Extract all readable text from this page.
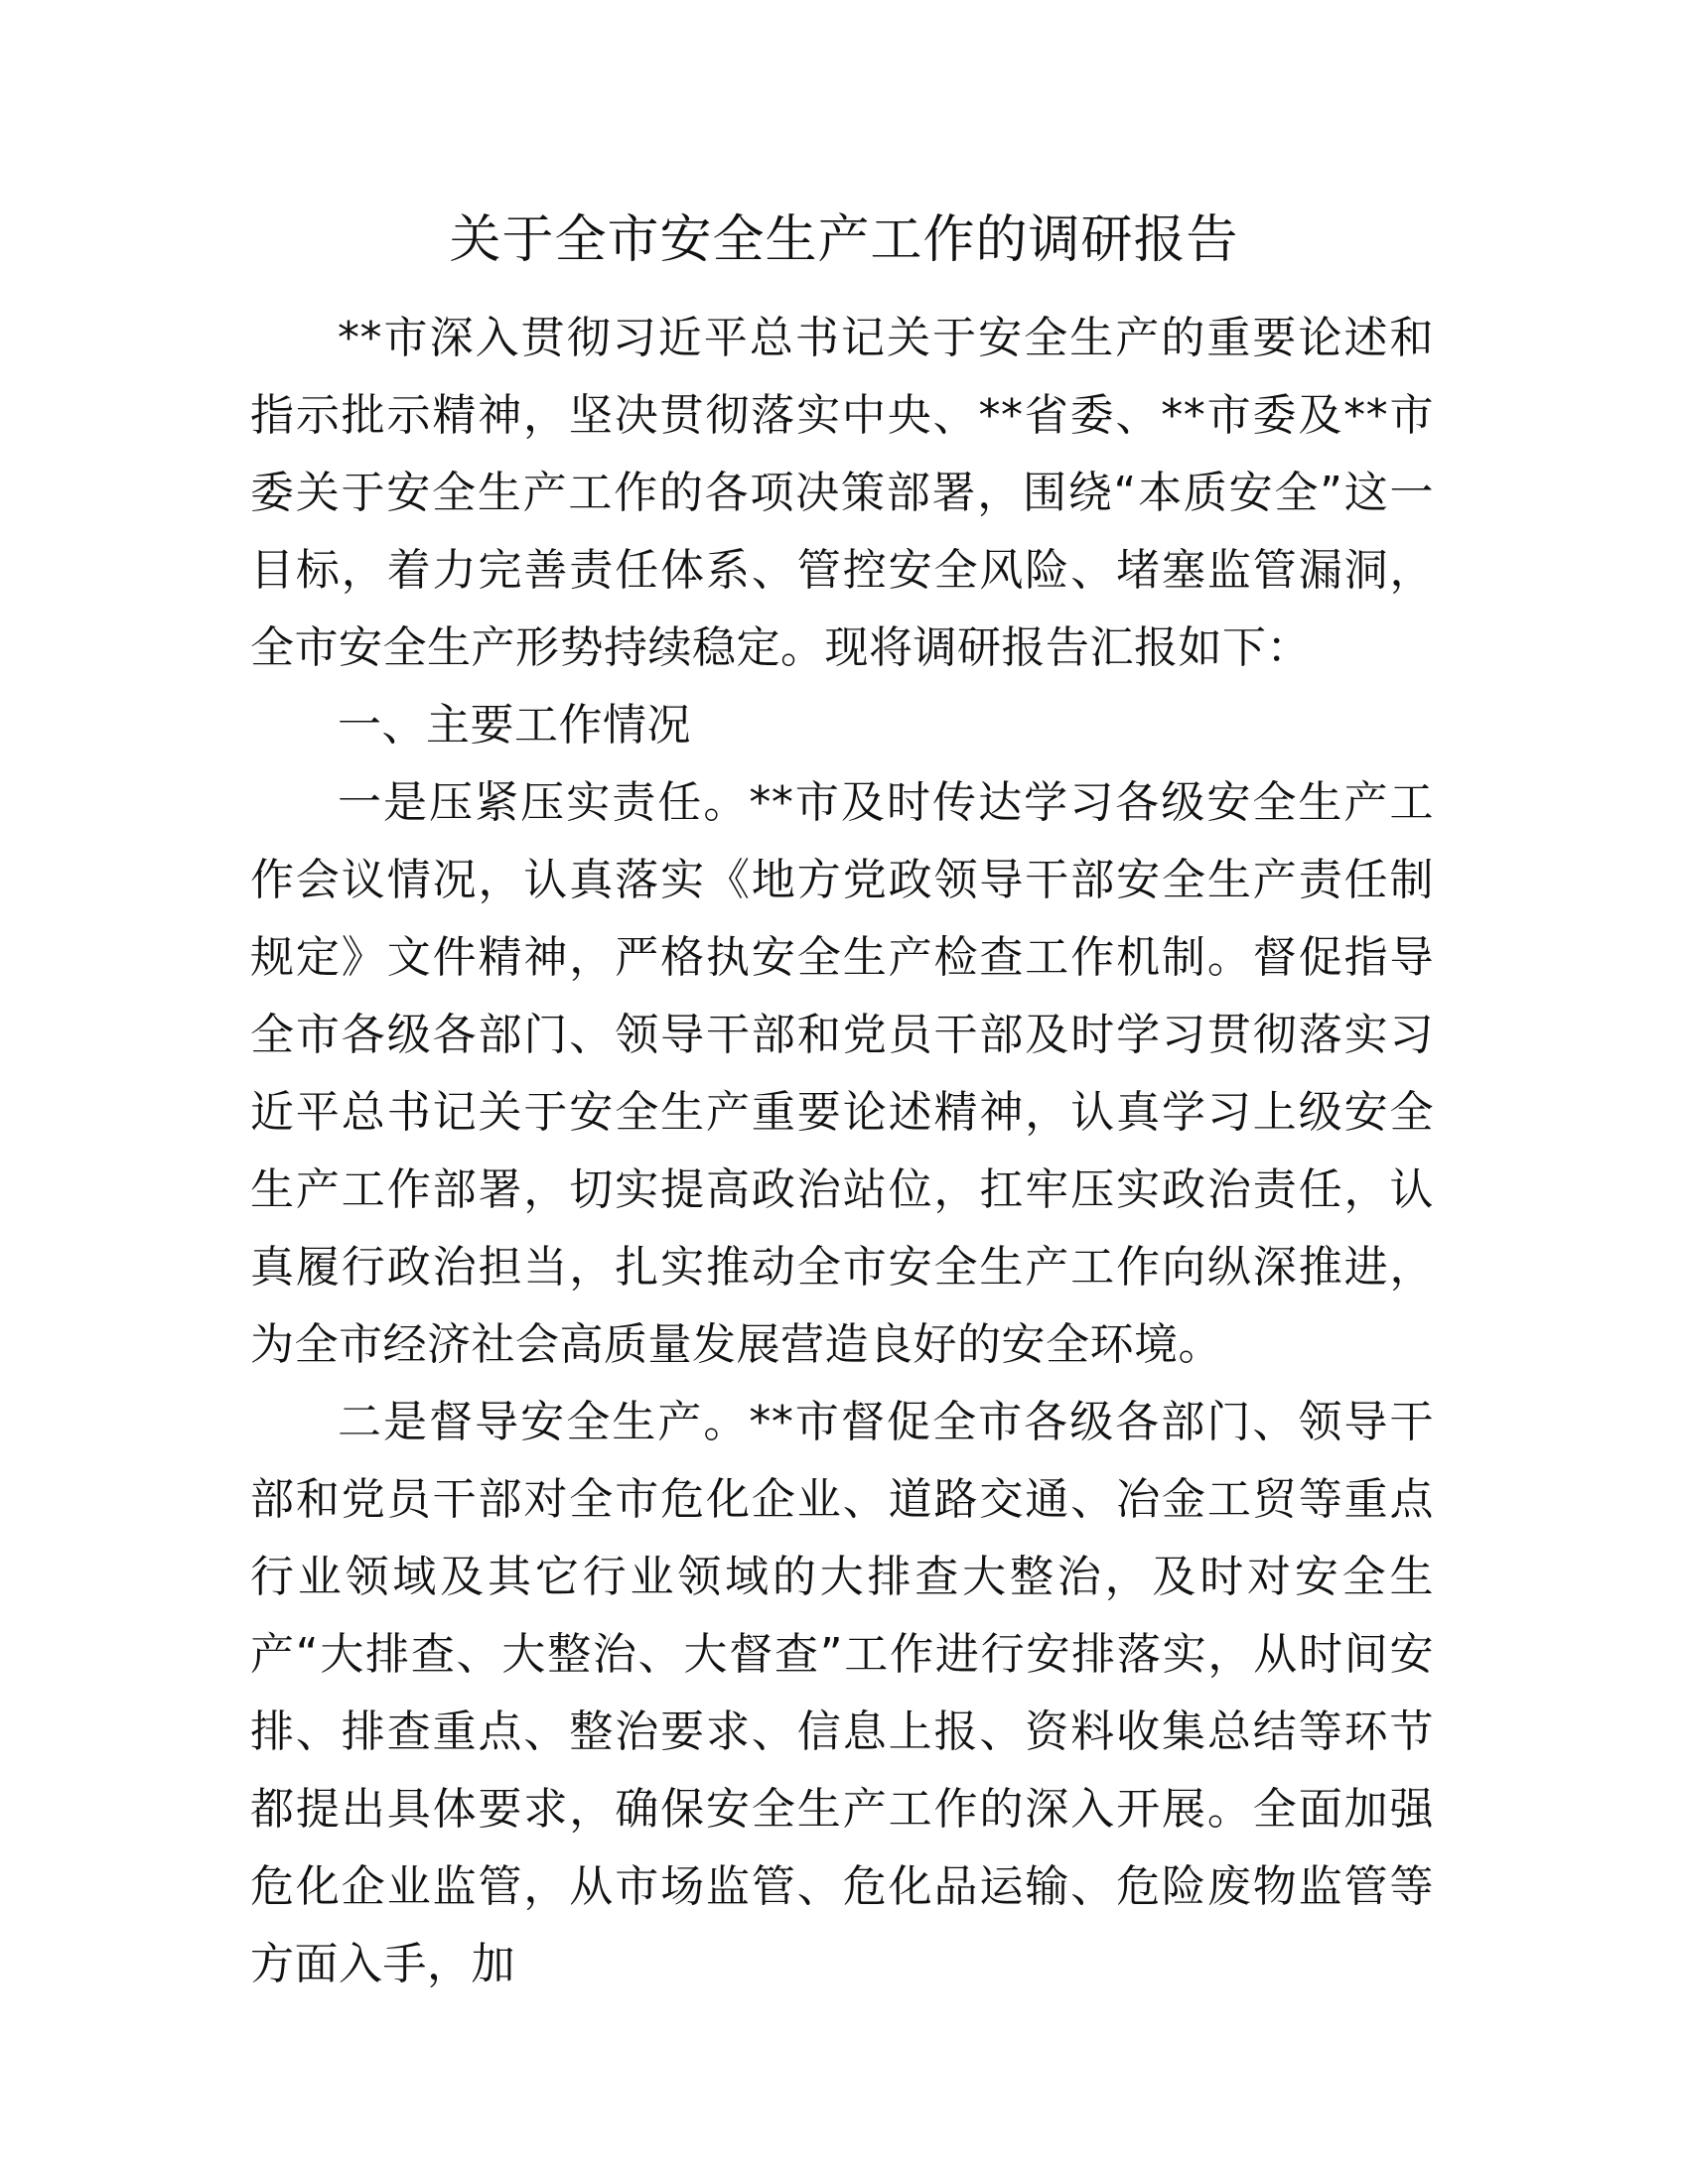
关于全市安全生产工作的调研报告

**市深入贯彻习近平总书记关于安全生产的重要论述和指示批示精神，坚决贯彻落实中央、**省委、**市委及**市委关于安全生产工作的各项决策部署，围绕“本质安全”这一目标，着力完善责任体系、管控安全风险、堵塞监管漏洞，全市安全生产形势持续稳定。现将调研报告汇报如下：

一、主要工作情况

一是压紧压实责任。**市及时传达学习各级安全生产工作会议情况，认真落实《地方党政领导干部安全生产责任制规定》文件精神，严格执安全生产检查工作机制。督促指导全市各级各部门、领导干部和党员干部及时学习贯彻落实习近平总书记关于安全生产重要论述精神，认真学习上级安全生产工作部署，切实提高政治站位，扛牢压实政治责任，认真履行政治担当，扎实推动全市安全生产工作向纵深推进，为全市经济社会高质量发展营造良好的安全环境。

二是督导安全生产。**市督促全市各级各部门、领导干部和党员干部对全市危化企业、道路交通、冶金工贸等重点行业领域及其它行业领域的大排查大整治，及时对安全生产“大排查、大整治、大督查”工作进行安排落实，从时间安排、排查重点、整治要求、信息上报、资料收集总结等环节都提出具体要求，确保安全生产工作的深入开展。全面加强危化企业监管，从市场监管、危化品运输、危险废物监管等方面入手，加
